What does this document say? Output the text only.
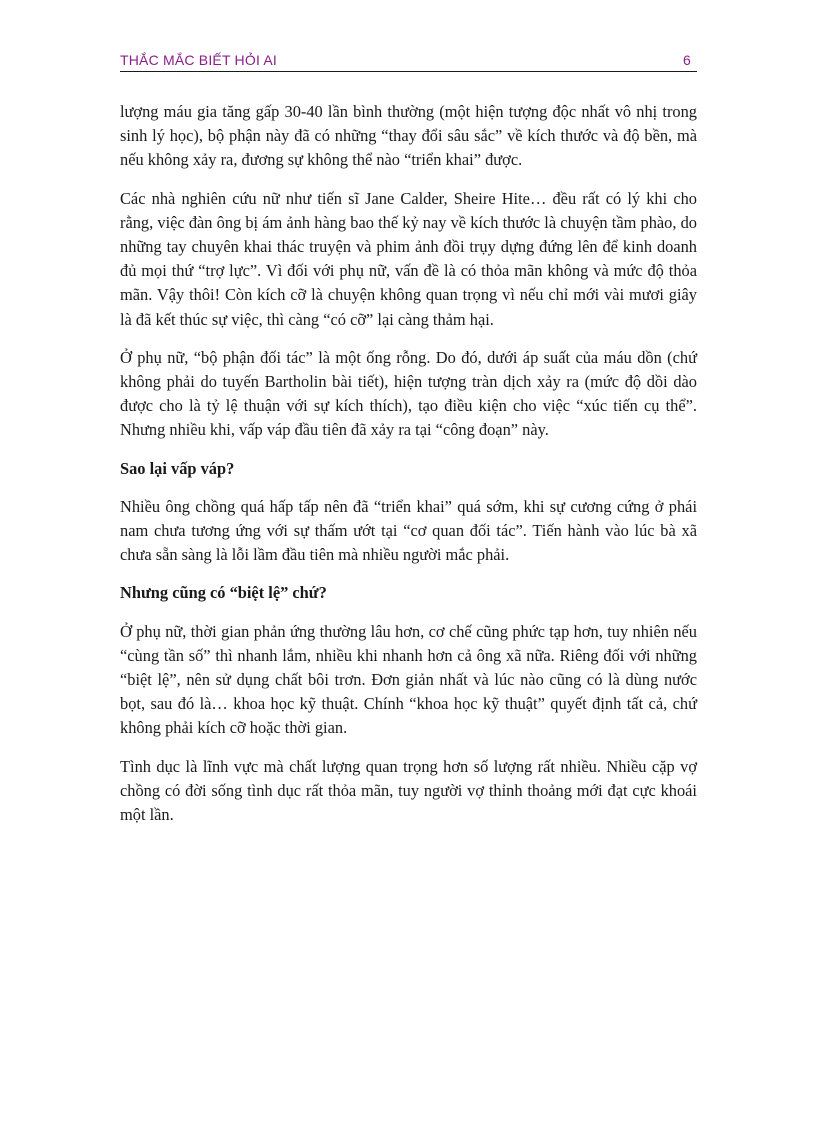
THẮC MẮC BIẾT HỎI AI	6

lượng máu gia tăng gấp 30-40 lần bình thường (một hiện tượng độc nhất vô nhị trong sinh lý học), bộ phận này đã có những “thay đổi sâu sắc” về kích thước và độ bền, mà nếu không xảy ra, đương sự không thể nào “triển khai” được.

Các nhà nghiên cứu nữ như tiến sĩ Jane Calder, Sheire Hite… đều rất có lý khi cho rằng, việc đàn ông bị ám ảnh hàng bao thế kỷ nay về kích thước là chuyện tầm phào, do những tay chuyên khai thác truyện và phim ảnh đồi trụy dựng đứng lên để kinh doanh đủ mọi thứ “trợ lực”. Vì đối với phụ nữ, vấn đề là có thỏa mãn không và mức độ thỏa mãn. Vậy thôi! Còn kích cỡ là chuyện không quan trọng vì nếu chỉ mới vài mươi giây là đã kết thúc sự việc, thì càng “có cỡ” lại càng thảm hại.

Ở phụ nữ, “bộ phận đối tác” là một ống rỗng. Do đó, dưới áp suất của máu dồn (chứ không phải do tuyến Bartholin bài tiết), hiện tượng tràn dịch xảy ra (mức độ dồi dào được cho là tỷ lệ thuận với sự kích thích), tạo điều kiện cho việc “xúc tiến cụ thể”. Nhưng nhiều khi, vấp váp đầu tiên đã xảy ra tại “công đoạn” này.

Sao lại vấp váp?

Nhiều ông chồng quá hấp tấp nên đã “triển khai” quá sớm, khi sự cương cứng ở phái nam chưa tương ứng với sự thấm ướt tại “cơ quan đối tác”. Tiến hành vào lúc bà xã chưa sẵn sàng là lỗi lầm đầu tiên mà nhiều người mắc phải.

Nhưng cũng có “biệt lệ” chứ?

Ở phụ nữ, thời gian phản ứng thường lâu hơn, cơ chế cũng phức tạp hơn, tuy nhiên nếu “cùng tần số” thì nhanh lắm, nhiều khi nhanh hơn cả ông xã nữa. Riêng đối với những “biệt lệ”, nên sử dụng chất bôi trơn. Đơn giản nhất và lúc nào cũng có là dùng nước bọt, sau đó là… khoa học kỹ thuật. Chính “khoa học kỹ thuật” quyết định tất cả, chứ không phải kích cỡ hoặc thời gian.

Tình dục là lĩnh vực mà chất lượng quan trọng hơn số lượng rất nhiều. Nhiều cặp vợ chồng có đời sống tình dục rất thỏa mãn, tuy người vợ thỉnh thoảng mới đạt cực khoái một lần.
